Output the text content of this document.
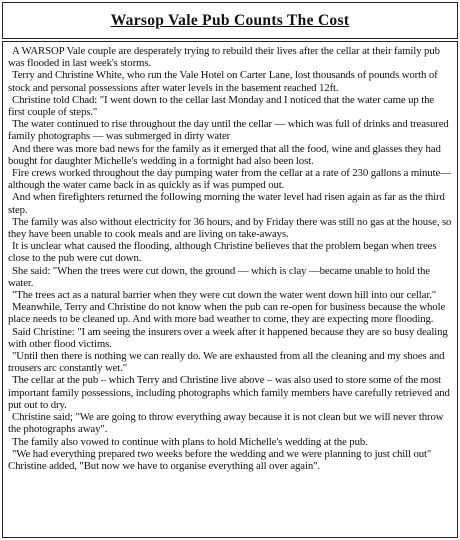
Warsop Vale Pub Counts The Cost

A WARSOP Vale couple are desperately trying to rebuild their lives after the cellar at their family pub was flooded in last week's storms.

Terry and Christine White, who run the Vale Hotel on Carter Lane, lost thousands of pounds worth of stock and personal possessions after water levels in the basement reached 12ft.

Christine told Chad: "I went down to the cellar last Monday and I noticed that the water came up the first couple of steps."

The water continued to rise throughout the day until the cellar — which was full of drinks and treasured family photographs — was submerged in dirty water

And there was more bad news for the family as it emerged that all the food, wine and glasses they had bought for daughter Michelle's wedding in a fortnight had also been lost.

Fire crews worked throughout the day pumping water from the cellar at a rate of 230 gallons a minute—although the water came back in as quickly as if was pumped out.

And when firefighters returned the following morning the water level had risen again as far as the third step.

The family was also without electricity for 36 hours, and by Friday there was still no gas at the house, so they have been unable to cook meals and are living on take-aways.

It is unclear what caused the flooding, although Christine believes that the problem began when trees close to the pub were cut down.

She said: "When the trees were cut down, the ground — which is clay —became unable to hold the water.

"The trees act as a natural barrier when they were cut down the water went down hill into our cellar."

Meanwhile, Terry and Christine do not know when the pub can re-open for business because the whole place needs to be cleaned up. And with more bad weather to come, they are expecting more flooding.

Said Christine: "I am seeing the insurers over a week after it happened because they are so busy dealing with other flood victims.

"Until then there is nothing we can really do. We are exhausted from all the cleaning and my shoes and trousers arc constantly wet."

The cellar at the pub – which Terry and Christine live above – was also used to store some of the most important family possessions, including photographs which family members have carefully retrieved and put out to dry.

Christine said; "We are going to throw everything away because it is not clean but we will never throw the photographs away".

The family also vowed to continue with plans to hold Michelle's wedding at the pub.

"We had everything prepared two weeks before the wedding and we were planning to just chill out" Christine added, "But now we have to organise everything all over again".
